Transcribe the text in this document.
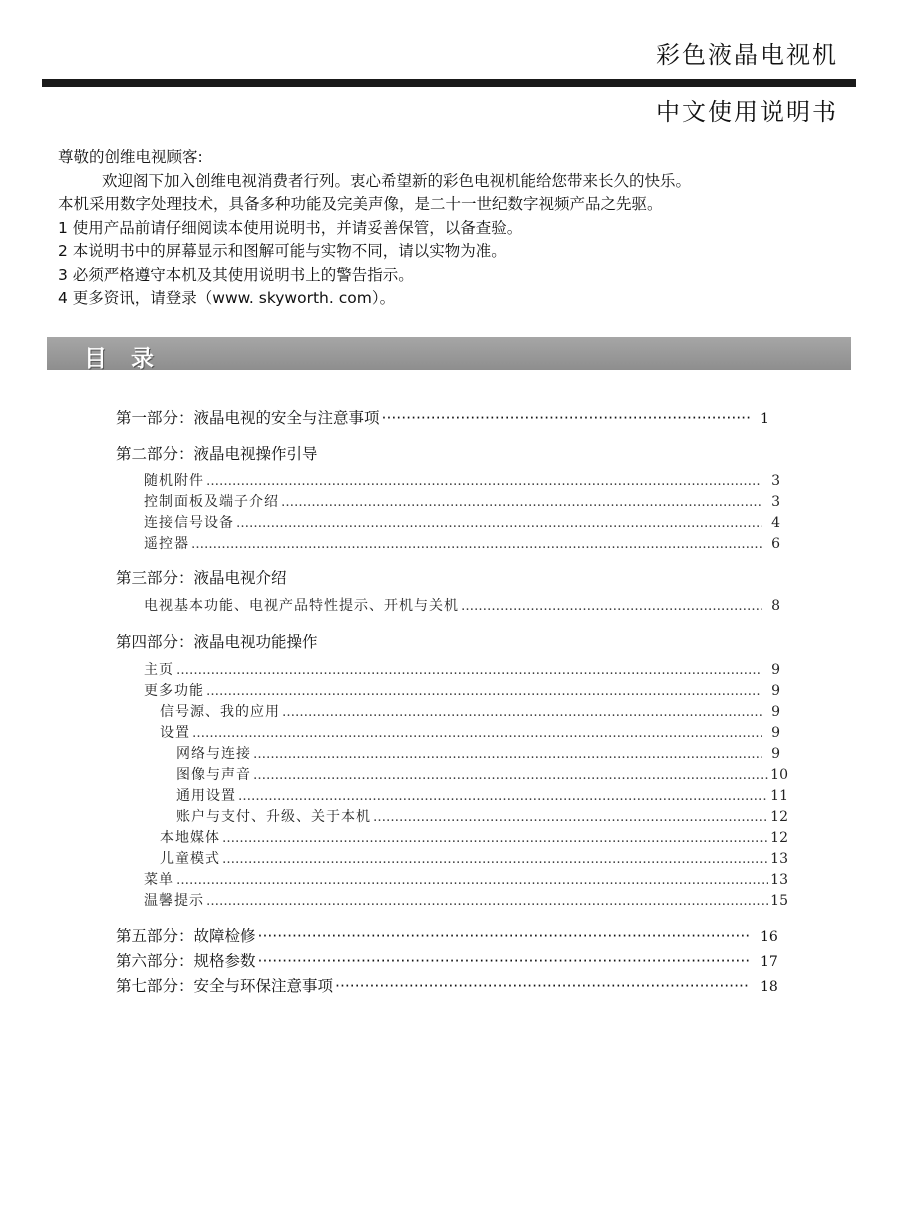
彩色液晶电视机
中文使用说明书

尊敬的创维电视顾客:

欢迎阁下加入创维电视消费者行列。衷心希望新的彩色电视机能给您带来长久的快乐。

本机采用数字处理技术，具备多种功能及完美声像，是二十一世纪数字视频产品之先驱。

1 使用产品前请仔细阅读本使用说明书，并请妥善保管，以备查验。

2 本说明书中的屏幕显示和图解可能与实物不同，请以实物为准。

3 必须严格遵守本机及其使用说明书上的警告指示。

4 更多资讯，请登录（www. skyworth. com）。

目 录
第一部分：液晶电视的安全与注意事项 ·····	1
第二部分：液晶电视操作引导
随机附件 ……………………………………………………………………………………………………………………………………………………………………………………………………	3
控制面板及端子介绍 ……………………………………………………………………………………………………………………………………………………………………………………………………	3
连接信号设备 ……………………………………………………………………………………………………………………………………………………………………………………………………	4
遥控器 ……………………………………………………………………………………………………………………………………………………………………………………………………	6
第三部分：液晶电视介绍
电视基本功能、电视产品特性提示、开机与关机 ……………………………………………………………………………………………………………………………………………………………………………………………………	8
第四部分：液晶电视功能操作
主页 ……………………………………………………………………………………………………………………………………………………………………………………………………	9
更多功能 ……………………………………………………………………………………………………………………………………………………………………………………………………	9
信号源、我的应用 ……………………………………………………………………………………………………………………………………………………………………………………………………	9
设置 ……………………………………………………………………………………………………………………………………………………………………………………………………	9
网络与连接 ……………………………………………………………………………………………………………………………………………………………………………………………………	9
图像与声音 ……………………………………………………………………………………………………………………………………………………………………………………………………	10
通用设置 ……………………………………………………………………………………………………………………………………………………………………………………………………	11
账户与支付、升级、关于本机 ……………………………………………………………………………………………………………………………………………………………………………………………………	12
本地媒体 ……………………………………………………………………………………………………………………………………………………………………………………………………	12
儿童模式 ……………………………………………………………………………………………………………………………………………………………………………………………………	13
菜单 ……………………………………………………………………………………………………………………………………………………………………………………………………	13
温馨提示 ……………………………………………………………………………………………………………………………………………………………………………………………………	15
第五部分：故障检修 ·····	16
第六部分：规格参数 ·····	17
第七部分：安全与环保注意事项 ·····	18
